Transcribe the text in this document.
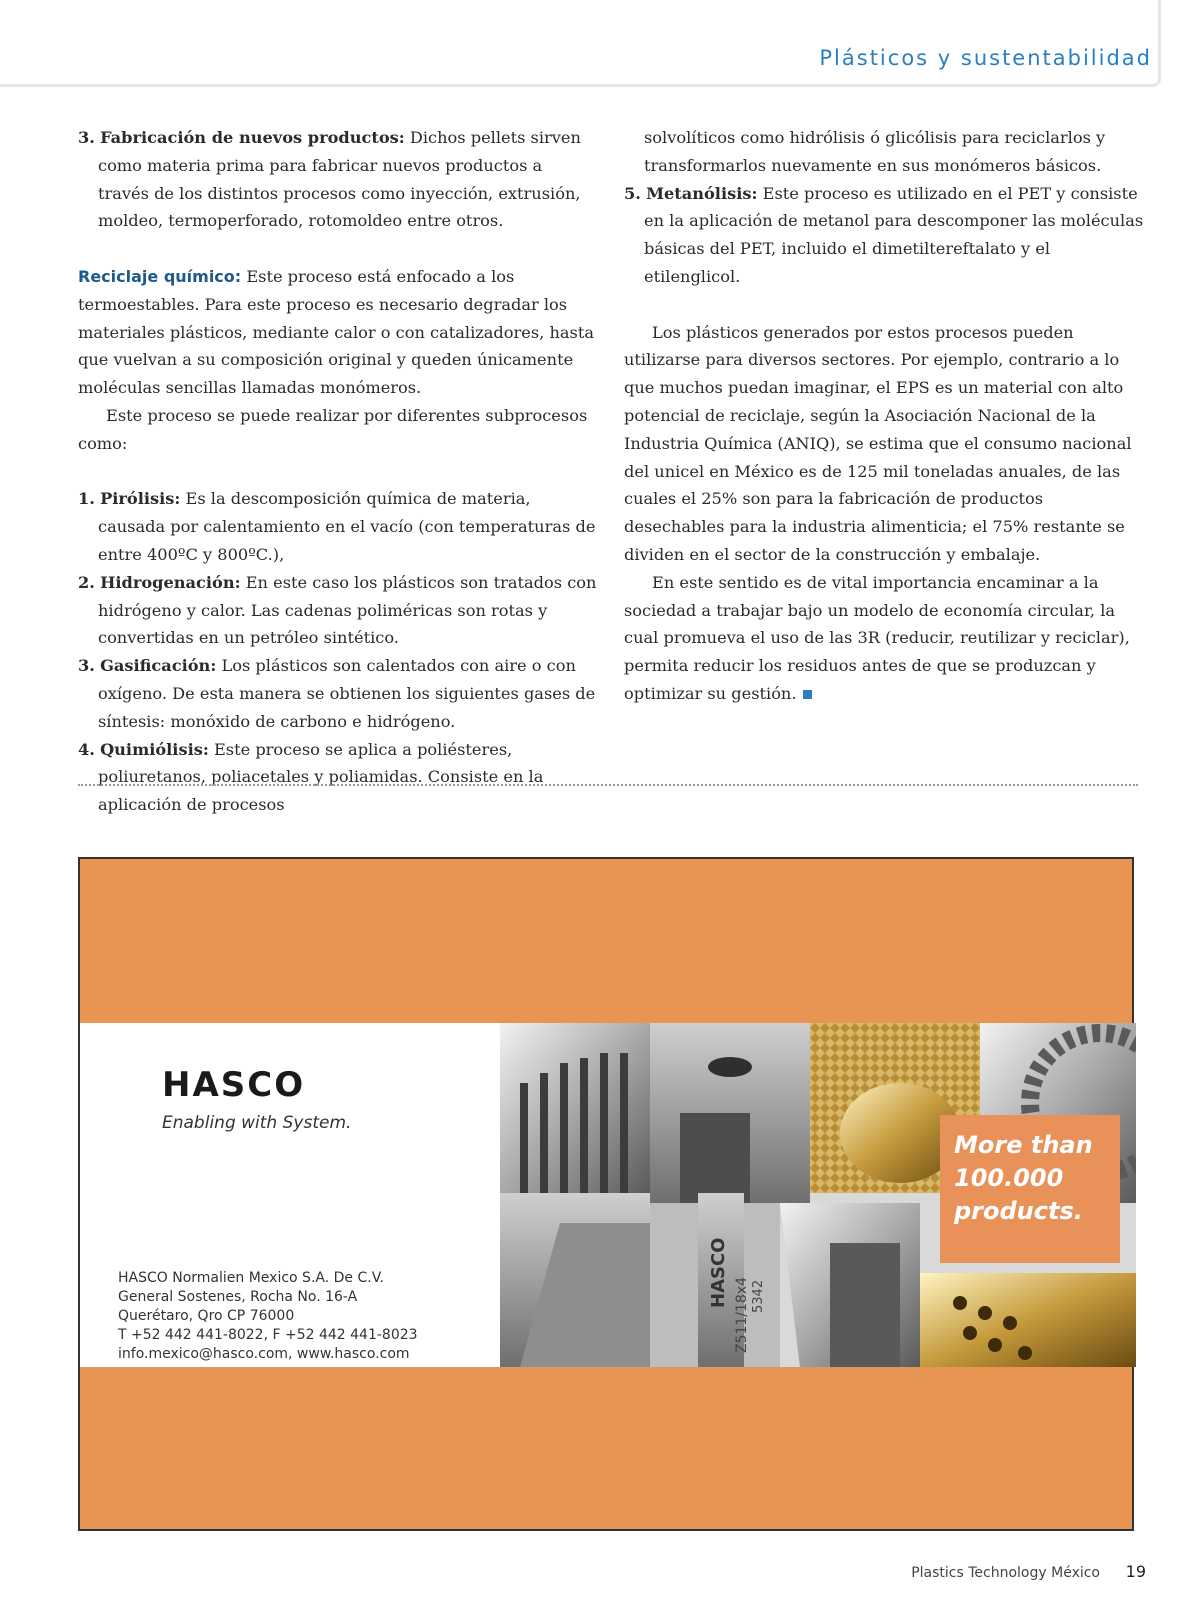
Plásticos y sustentabilidad

3. Fabricación de nuevos productos: Dichos pellets sirven como materia prima para fabricar nuevos productos a través de los distintos procesos como inyección, extrusión, moldeo, termoperforado, rotomoldeo entre otros.

Reciclaje químico: Este proceso está enfocado a los termoestables. Para este proceso es necesario degradar los materiales plásticos, mediante calor o con catalizadores, hasta que vuelvan a su composición original y queden únicamente moléculas sencillas llamadas monómeros.

Este proceso se puede realizar por diferentes subprocesos como:

1. Pirólisis: Es la descomposición química de materia, causada por calentamiento en el vacío (con temperaturas de entre 400ºC y 800ºC.),

2. Hidrogenación: En este caso los plásticos son tratados con hidrógeno y calor. Las cadenas poliméricas son rotas y convertidas en un petróleo sintético.

3. Gasificación: Los plásticos son calentados con aire o con oxígeno. De esta manera se obtienen los siguientes gases de síntesis: monóxido de carbono e hidrógeno.

4. Quimiólisis: Este proceso se aplica a poliésteres, poliuretanos, poliacetales y poliamidas. Consiste en la aplicación de procesos

solvolíticos como hidrólisis ó glicólisis para reciclarlos y transformarlos nuevamente en sus monómeros básicos.

5. Metanólisis: Este proceso es utilizado en el PET y consiste en la aplicación de metanol para descomponer las moléculas básicas del PET, incluido el dimetiltereftalato y el etilenglicol.

Los plásticos generados por estos procesos pueden utilizarse para diversos sectores. Por ejemplo, contrario a lo que muchos puedan imaginar, el EPS es un material con alto potencial de reciclaje, según la Asociación Nacional de la Industria Química (ANIQ), se estima que el consumo nacional del unicel en México es de 125 mil toneladas anuales, de las cuales el 25% son para la fabricación de productos desechables para la industria alimenticia; el 75% restante se dividen en el sector de la construcción y embalaje.

En este sentido es de vital importancia encaminar a la sociedad a trabajar bajo un modelo de economía circular, la cual promueva el uso de las 3R (reducir, reutilizar y reciclar), permita reducir los residuos antes de que se produzcan y optimizar su gestión.

HASCO
Enabling with System.
HASCO Normalien Mexico S.A. De C.V.
General Sostenes, Rocha No. 16-A
Querétaro, Qro CP 76000
T +52 442 441-8022, F +52 442 441-8023
info.mexico@hasco.com, www.hasco.com
HASCO
Z511/18x4 5342
More than
100.000
products.
Plastics Technology México 19
